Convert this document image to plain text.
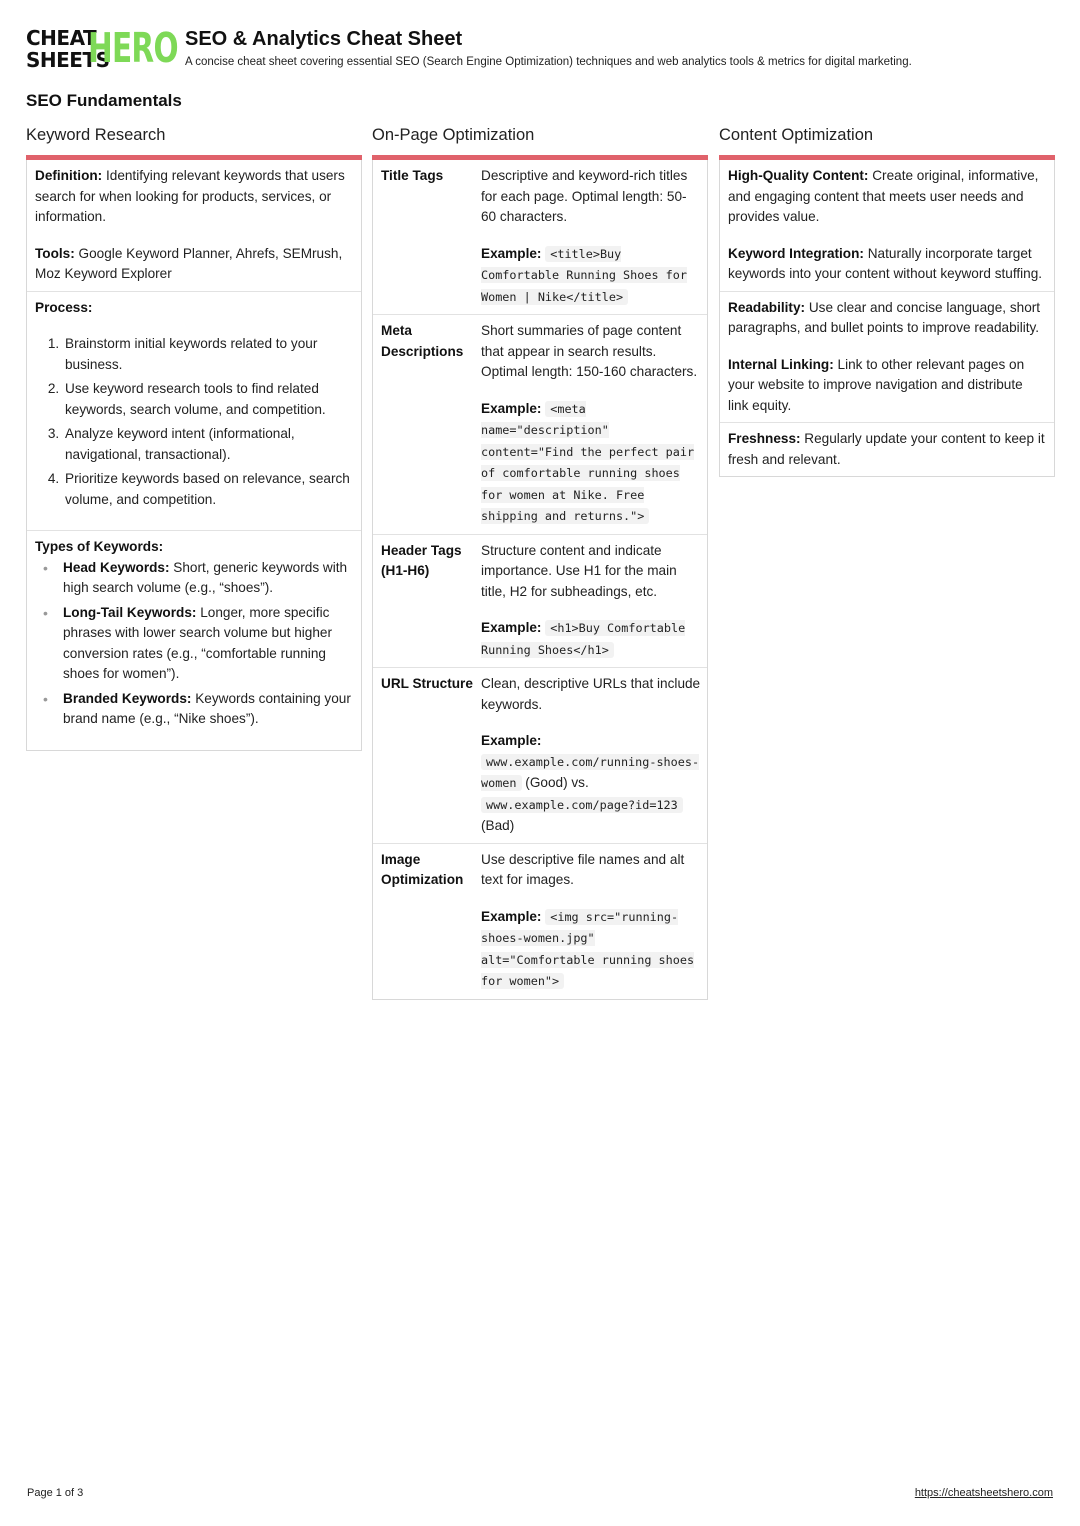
CHEAT
SHEETS
HERO SEO & Analytics Cheat Sheet
A concise cheat sheet covering essential SEO (Search Engine Optimization) techniques and web analytics tools & metrics for digital marketing.
SEO Fundamentals
Keyword Research

Definition: Identifying relevant keywords that users search for when looking for products, services, or information.

Tools: Google Keyword Planner, Ahrefs, SEMrush, Moz Keyword Explorer

Process:
1. Brainstorm initial keywords related to your business.
2. Use keyword research tools to find related keywords, search volume, and competition.
3. Analyze keyword intent (informational, navigational, transactional).
4. Prioritize keywords based on relevance, search volume, and competition.
Types of Keywords:
• Head Keywords: Short, generic keywords with high search volume (e.g., “shoes”).
• Long-Tail Keywords: Longer, more specific phrases with lower search volume but higher conversion rates (e.g., “comfortable running shoes for women”).
• Branded Keywords: Keywords containing your brand name (e.g., “Nike shoes”).
On-Page Optimization
Title Tags	Descriptive and keyword-rich titles for each page. Optimal length: 50-60 characters.

Example: <title>Buy Comfortable Running Shoes for Women | Nike</title>

Meta Descriptions

Short summaries of page content that appear in search results. Optimal length: 150-160 characters.

Example: <meta name="description" content="Find the perfect pair of comfortable running shoes for women at Nike. Free shipping and returns.">

Header Tags (H1-H6)

Structure content and indicate importance. Use H1 for the main title, H2 for subheadings, etc.

Example: <h1>Buy Comfortable Running Shoes</h1>

URL Structure Clean, descriptive URLs that include keywords.

Example:
www.example.com/running-shoes-women (Good) vs. www.example.com/page?id=123 (Bad)

Image Optimization

Use descriptive file names and alt text for images.

Example: <img src="running-shoes-women.jpg" alt="Comfortable running shoes for women">

Content Optimization

High-Quality Content: Create original, informative, and engaging content that meets user needs and provides value.

Keyword Integration: Naturally incorporate target keywords into your content without keyword stuffing.

Readability: Use clear and concise language, short paragraphs, and bullet points to improve readability.

Internal Linking: Link to other relevant pages on your website to improve navigation and distribute link equity.

Freshness: Regularly update your content to keep it fresh and relevant.

Page 1 of 3	https://cheatsheetshero.com
